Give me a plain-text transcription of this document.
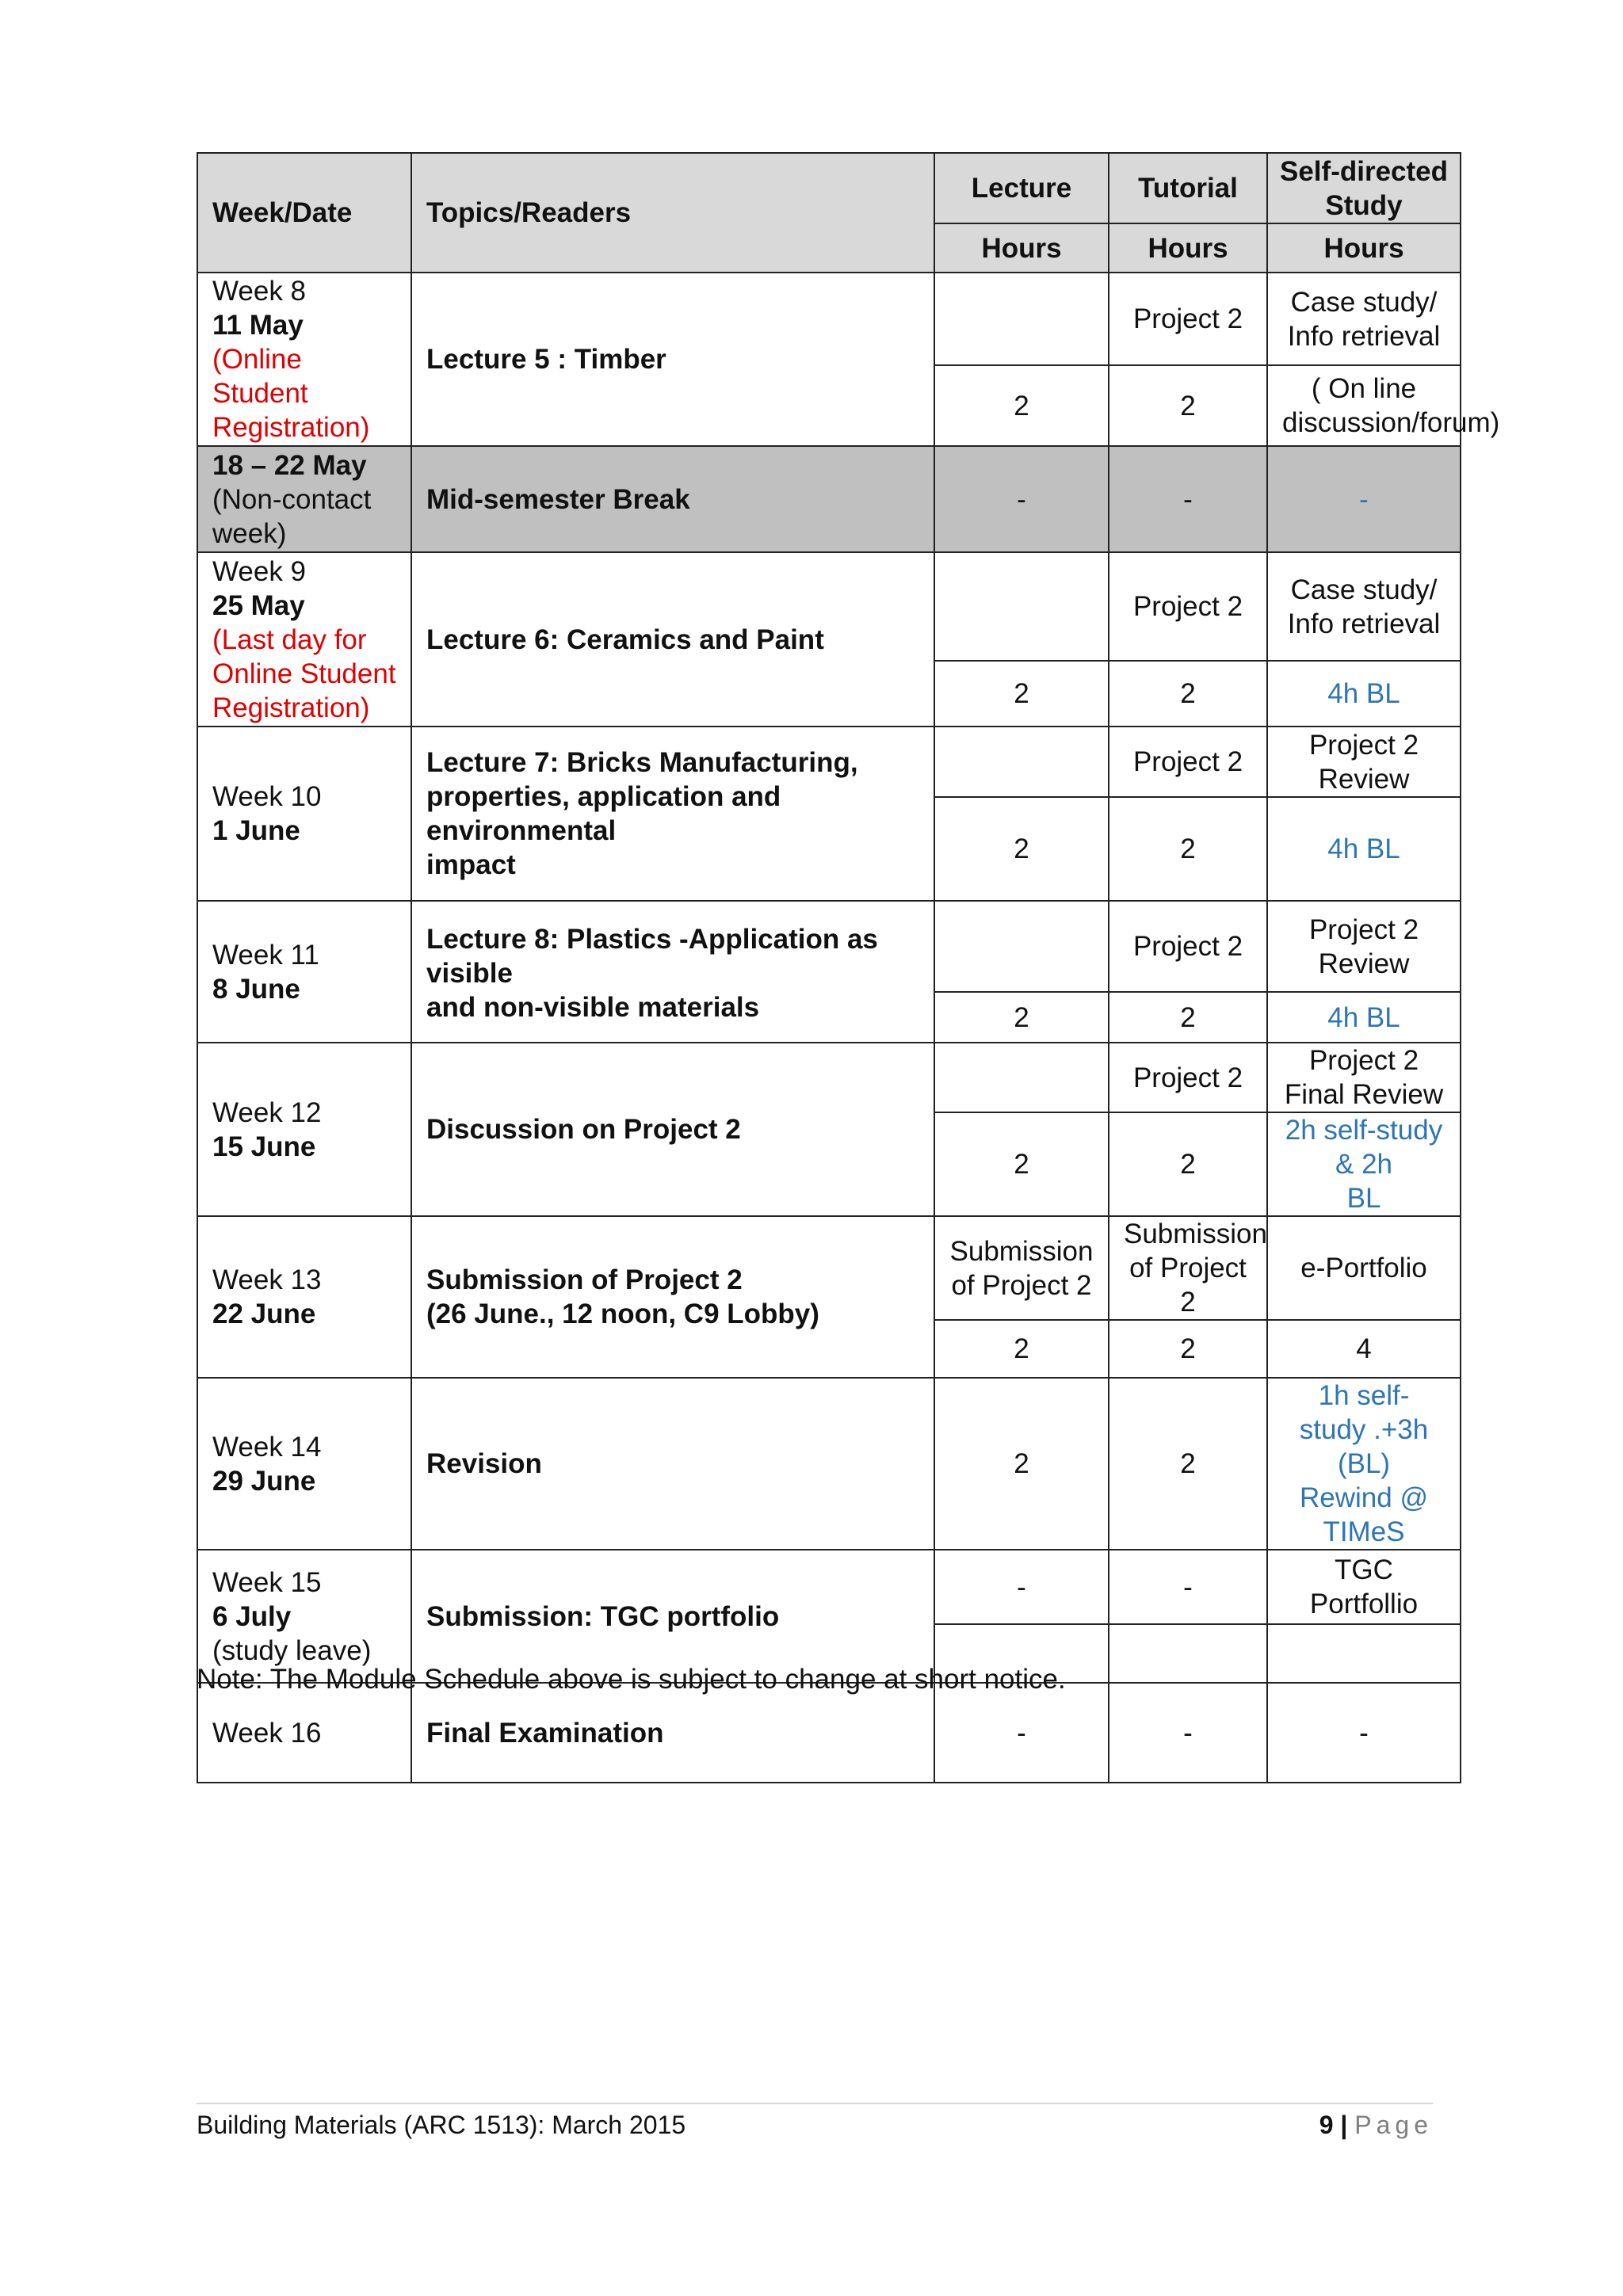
Week/Date	Topics/Readers	Lecture	Tutorial	Self-directed
Study

		Hours	Hours	Hours

Week 8
11 May
(Online
Student
Registration)	Lecture 5 : Timber		Project 2	Case study/
Info retrieval

		2	2	( On line
discussion/forum)

18 – 22 May
(Non-contact
week)	Mid-semester Break	-	-	-

Week 9
25 May
(Last day for
Online Student
Registration)	Lecture 6: Ceramics and Paint		Project 2	Case study/
Info retrieval

		2	2	4h BL

Week 10
1 June	Lecture 7: Bricks Manufacturing,
properties, application and environmental
impact		Project 2	Project 2
Review

		2	2	4h BL

Week 11
8 June	Lecture 8: Plastics -Application as visible
and non-visible materials		Project 2	Project 2
Review

		2	2	4h BL

Week 12
15 June	Discussion on Project 2		Project 2	Project 2
Final Review

		2	2	2h self-study & 2h
BL

Week 13
22 June	Submission of Project 2
(26 June., 12 noon, C9 Lobby)	Submission
of Project 2	Submission
of Project 2	e-Portfolio
		2	2	4

Week 14
29 June	Revision	2	2	1h self-
study .+3h (BL)
Rewind @ TIMeS

Week 15
6 July
(study leave)	Submission: TGC portfolio	-	-	TGC Portfollio

Week 16	Final Examination	-	-	-
Note: The Module Schedule above is subject to change at short notice.
Building Materials (ARC 1513): March 2015	9 | Page
